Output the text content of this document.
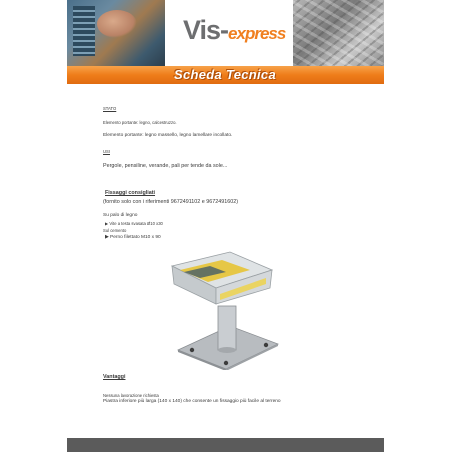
Vis-express
Scheda Tecnica
STATO
Elemento portante: legno, calcestruzzo.
Elemento portante: legno massello, legno lamellare incollato.
USI
Pergole, pensiline, verande, pali per tende da sole...
Fissaggi consigliati
(fornito solo con i riferimenti 9672491102 e 9672491602)
Su palo di legno
▶ Vite a testa svasata Ø10 x30
Sul cemento
▶ Perno filettato M10 x 90
Vantaggi
Nessuna lavorazione richiesta
Piastra inferiore più larga (140 x 140) che consente un fissaggio più facile al terreno
